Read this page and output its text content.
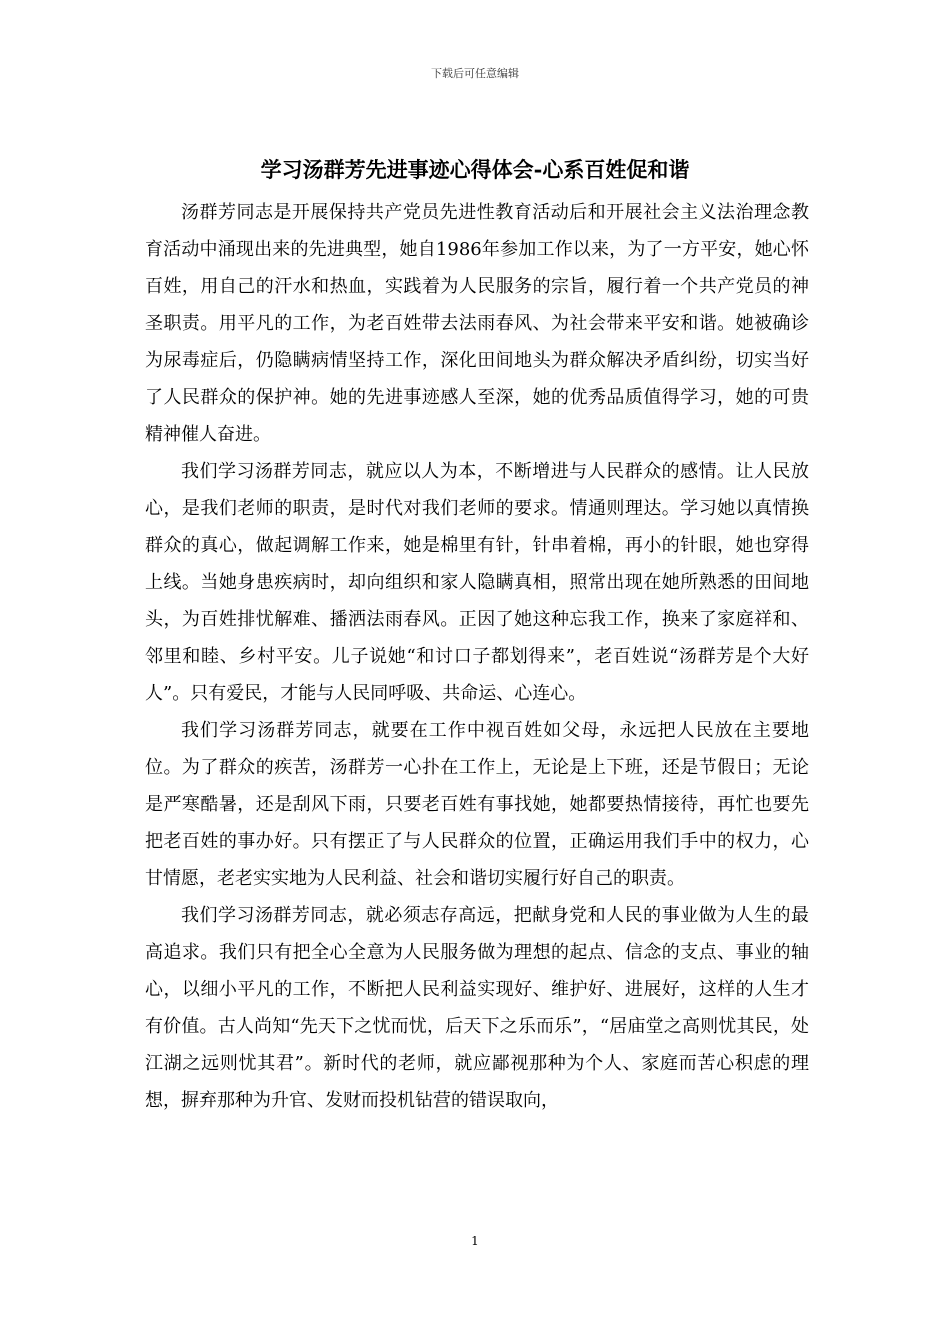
下载后可任意编辑
学习汤群芳先进事迹心得体会-心系百姓促和谐

汤群芳同志是开展保持共产党员先进性教育活动后和开展社会主义法治理念教育活动中涌现出来的先进典型，她自1986年参加工作以来，为了一方平安，她心怀百姓，用自己的汗水和热血，实践着为人民服务的宗旨，履行着一个共产党员的神圣职责。用平凡的工作，为老百姓带去法雨春风、为社会带来平安和谐。她被确诊为尿毒症后，仍隐瞒病情坚持工作，深化田间地头为群众解决矛盾纠纷，切实当好了人民群众的保护神。她的先进事迹感人至深，她的优秀品质值得学习，她的可贵精神催人奋进。

我们学习汤群芳同志，就应以人为本，不断增进与人民群众的感情。让人民放心，是我们老师的职责，是时代对我们老师的要求。情通则理达。学习她以真情换群众的真心，做起调解工作来，她是棉里有针，针串着棉，再小的针眼，她也穿得上线。当她身患疾病时，却向组织和家人隐瞒真相，照常出现在她所熟悉的田间地头，为百姓排忧解难、播洒法雨春风。正因了她这种忘我工作，换来了家庭祥和、邻里和睦、乡村平安。儿子说她“和讨口子都划得来”，老百姓说“汤群芳是个大好人”。只有爱民，才能与人民同呼吸、共命运、心连心。

我们学习汤群芳同志，就要在工作中视百姓如父母，永远把人民放在主要地位。为了群众的疾苦，汤群芳一心扑在工作上，无论是上下班，还是节假日；无论是严寒酷暑，还是刮风下雨，只要老百姓有事找她，她都要热情接待，再忙也要先把老百姓的事办好。只有摆正了与人民群众的位置，正确运用我们手中的权力，心甘情愿，老老实实地为人民利益、社会和谐切实履行好自己的职责。

我们学习汤群芳同志，就必须志存高远，把献身党和人民的事业做为人生的最高追求。我们只有把全心全意为人民服务做为理想的起点、信念的支点、事业的轴心，以细小平凡的工作，不断把人民利益实现好、维护好、进展好，这样的人生才有价值。古人尚知“先天下之忧而忧，后天下之乐而乐”，“居庙堂之高则忧其民，处江湖之远则忧其君”。新时代的老师，就应鄙视那种为个人、家庭而苦心积虑的理想，摒弃那种为升官、发财而投机钻营的错误取向，

1
